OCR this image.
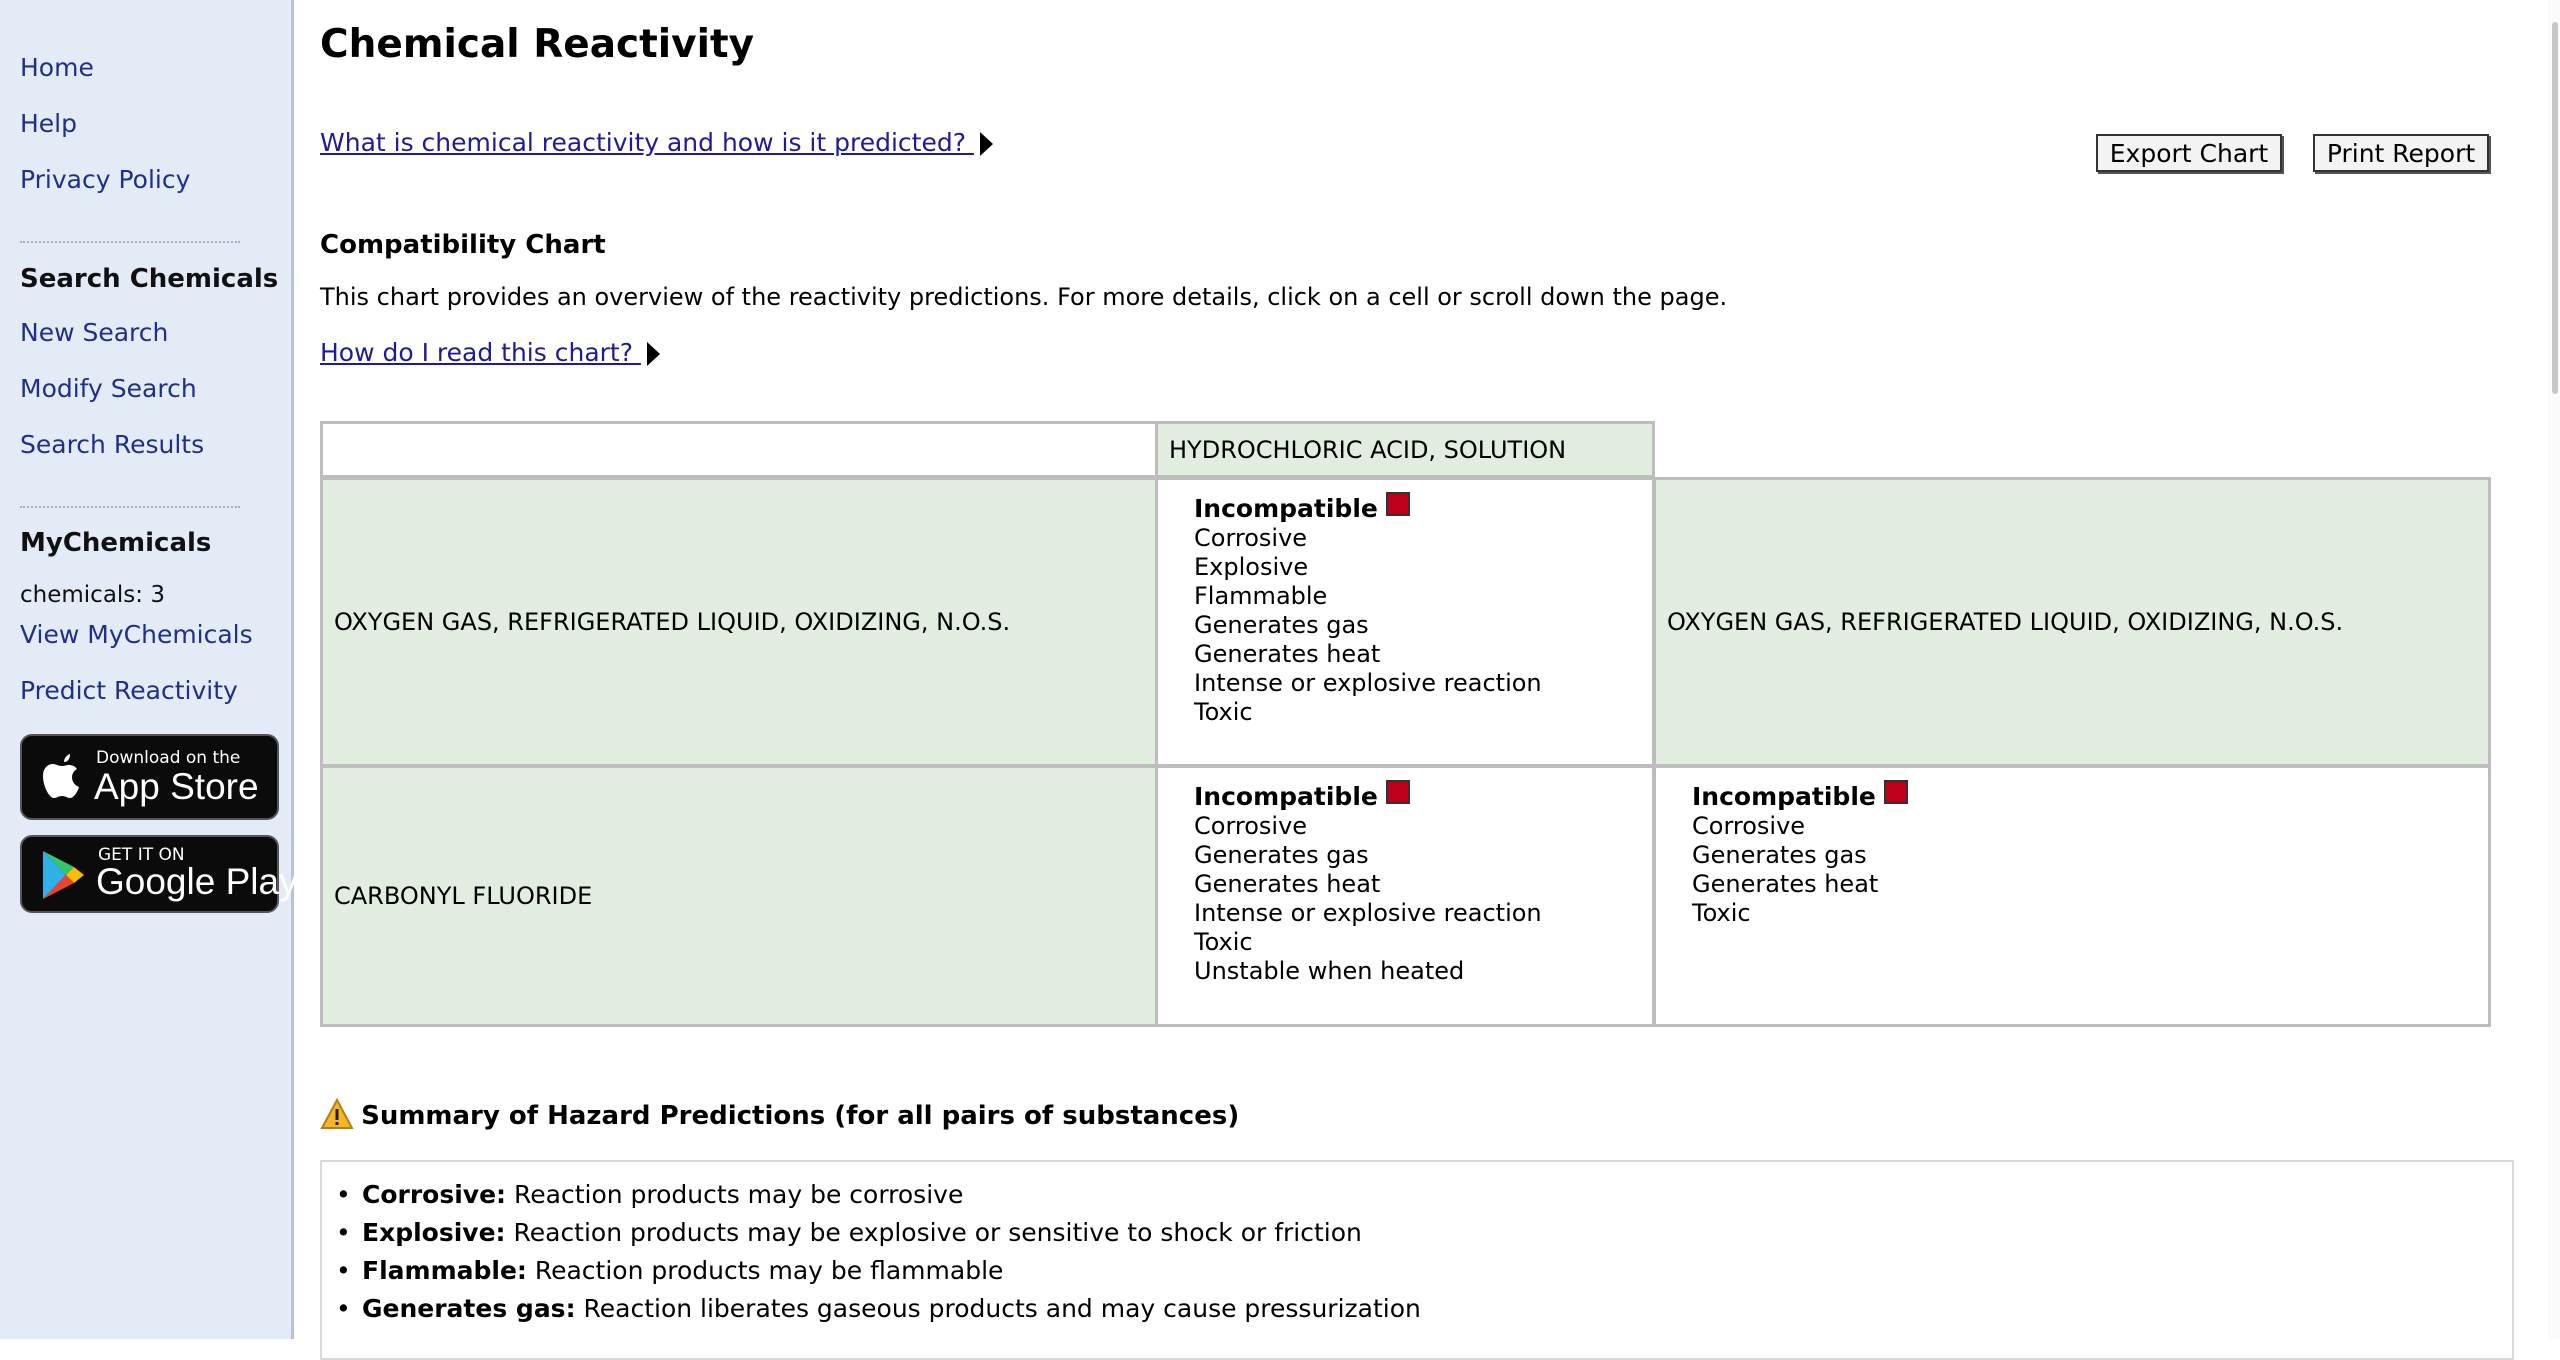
Home
Help
Privacy Policy
Search Chemicals
New Search
Modify Search
Search Results
MyChemicals
chemicals: 3
View MyChemicals
Predict Reactivity
Download on the
App Store
GET IT ON
Google Play
Chemical Reactivity
What is chemical reactivity and how is it predicted?	Export Chart	Print Report
Compatibility Chart
This chart provides an overview of the reactivity predictions. For more details, click on a cell or scroll down the page.
How do I read this chart?
HYDROCHLORIC ACID, SOLUTION
OXYGEN GAS, REFRIGERATED LIQUID, OXIDIZING, N.O.S.
Incompatible
Corrosive
Explosive
Flammable
Generates gas
Generates heat
Intense or explosive reaction
Toxic
OXYGEN GAS, REFRIGERATED LIQUID, OXIDIZING, N.O.S.
CARBONYL FLUORIDE
Incompatible
Corrosive
Generates gas
Generates heat
Intense or explosive reaction
Toxic
Unstable when heated
Incompatible
Corrosive
Generates gas
Generates heat
Toxic
Summary of Hazard Predictions (for all pairs of substances)
• Corrosive: Reaction products may be corrosive
• Explosive: Reaction products may be explosive or sensitive to shock or friction
• Flammable: Reaction products may be flammable
• Generates gas: Reaction liberates gaseous products and may cause pressurization
